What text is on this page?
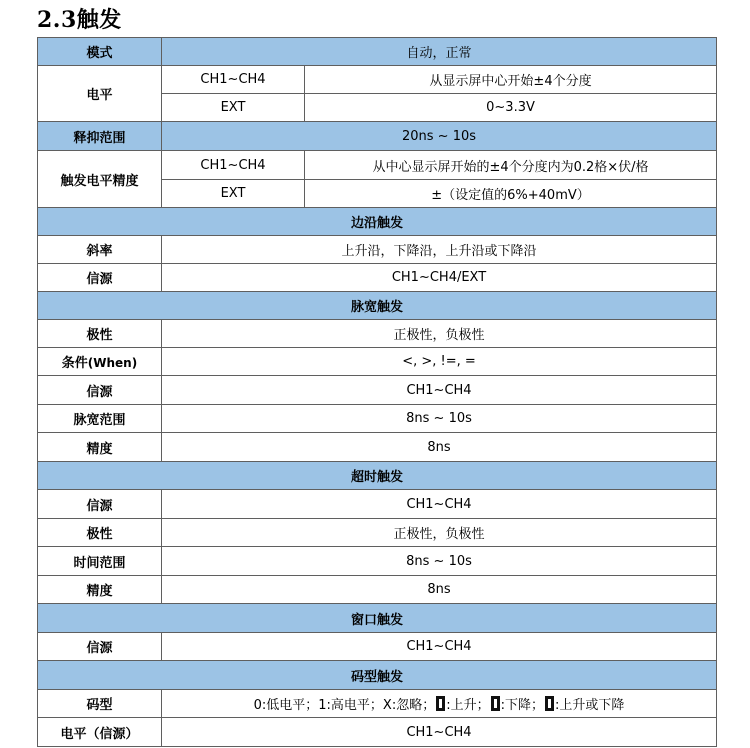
2.3触发
模式	自动，正常	
电平	CH1~CH4	从显示屏中心开始±4个分度
	EXT	0~3.3V
释抑范围	20ns ~ 10s	
触发电平精度	CH1~CH4	从中心显示屏开始的±4个分度内为0.2格×伏/格
	EXT	±（设定值的6%+40mV）
边沿触发		
斜率	上升沿，下降沿，上升沿或下降沿	
信源	CH1~CH4/EXT	
脉宽触发		
极性	正极性，负极性	
条件(When)	<, >, !=, =	
信源	CH1~CH4	
脉宽范围	8ns ~ 10s	
精度	8ns	
超时触发		
信源	CH1~CH4	
极性	正极性，负极性	
时间范围	8ns ~ 10s	
精度	8ns	
窗口触发		
信源	CH1~CH4	
码型触发		
码型	0:低电平；1:高电平；X:忽略； :上升； :下降； :上升或下降	
电平（信源）	CH1~CH4	
